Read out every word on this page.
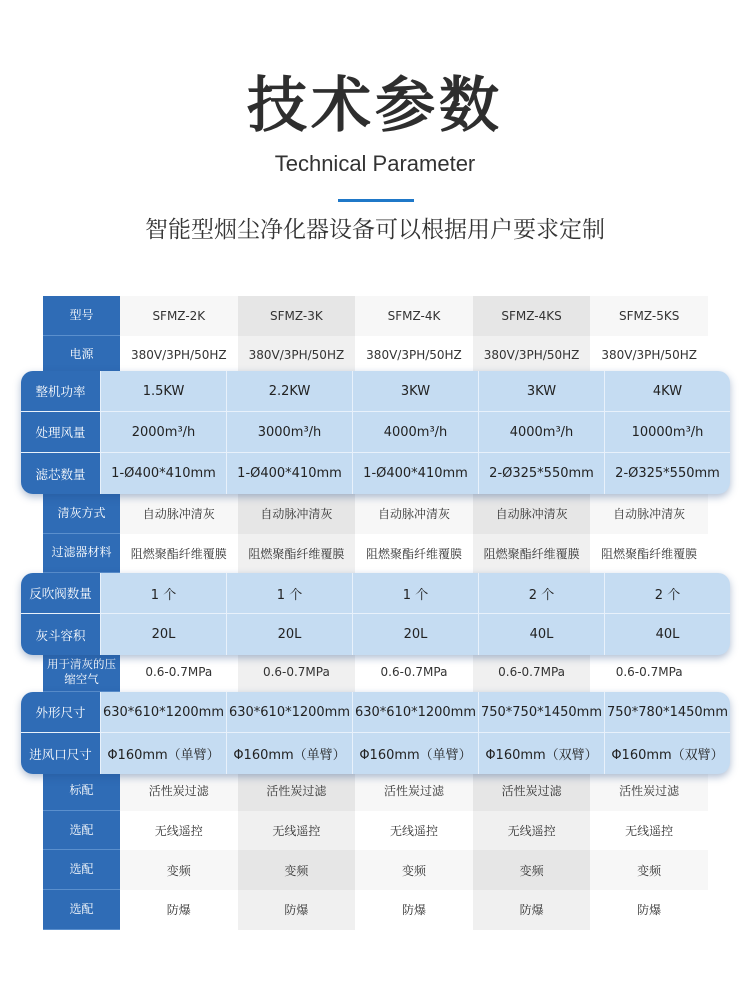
技术参数
Technical Parameter
智能型烟尘净化器设备可以根据用户要求定制
型号	SFMZ-2K	SFMZ-3K	SFMZ-4K	SFMZ-4KS	SFMZ-5KS
电源	380V/3PH/50HZ	380V/3PH/50HZ	380V/3PH/50HZ	380V/3PH/50HZ	380V/3PH/50HZ
清灰方式	自动脉冲清灰	自动脉冲清灰	自动脉冲清灰	自动脉冲清灰	自动脉冲清灰
过滤器材料	阻燃聚酯纤维覆膜	阻燃聚酯纤维覆膜	阻燃聚酯纤维覆膜	阻燃聚酯纤维覆膜	阻燃聚酯纤维覆膜
用于清灰的压缩空气	0.6-0.7MPa	0.6-0.7MPa	0.6-0.7MPa	0.6-0.7MPa	0.6-0.7MPa
标配	活性炭过滤	活性炭过滤	活性炭过滤	活性炭过滤	活性炭过滤
选配	无线遥控	无线遥控	无线遥控	无线遥控	无线遥控
选配	变频	变频	变频	变频	变频
选配	防爆	防爆	防爆	防爆	防爆
整机功率	1.5KW	2.2KW	3KW	3KW	4KW
处理风量	2000m³/h	3000m³/h	4000m³/h	4000m³/h	10000m³/h
滤芯数量	1-Ø400*410mm	1-Ø400*410mm	1-Ø400*410mm	2-Ø325*550mm	2-Ø325*550mm
反吹阀数量	1 个	1 个	1 个	2 个	2 个
灰斗容积	20L	20L	20L	40L	40L
外形尺寸	630*610*1200mm 630*610*1200mm 630*610*1200mm 750*750*1450mm 750*780*1450mm
进风口尺寸	Φ160mm（单臂）	Φ160mm（单臂）	Φ160mm（单臂）	Φ160mm（双臂）	Φ160mm（双臂）
